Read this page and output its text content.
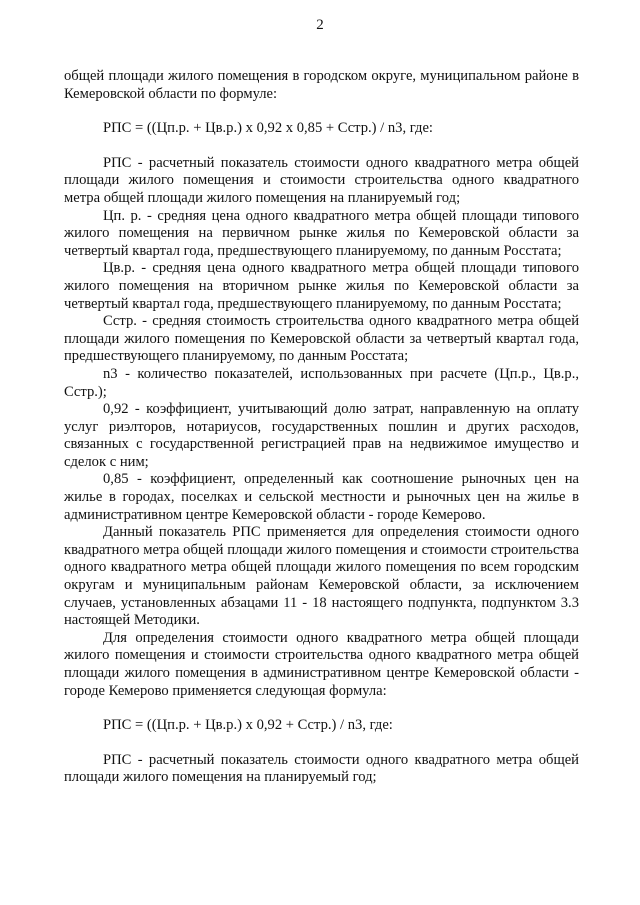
2

общей площади жилого помещения в городском округе, муниципальном районе в Кемеровской области по формуле:

РПС = ((Цп.р. + Цв.р.) х 0,92 х 0,85 + Сстр.) / n3, где:

РПС - расчетный показатель стоимости одного квадратного метра общей площади жилого помещения и стоимости строительства одного квадратного метра общей площади жилого помещения на планируемый год;

Цп. р. - средняя цена одного квадратного метра общей площади типового жилого помещения на первичном рынке жилья по Кемеровской области за четвертый квартал года, предшествующего планируемому, по данным Росстата;

Цв.р. - средняя цена одного квадратного метра общей площади типового жилого помещения на вторичном рынке жилья по Кемеровской области за четвертый квартал года, предшествующего планируемому, по данным Росстата;

Сстр. - средняя стоимость строительства одного квадратного метра общей площади жилого помещения по Кемеровской области за четвертый квартал года, предшествующего планируемому, по данным Росстата;

n3 - количество показателей, использованных при расчете (Цп.р., Цв.р., Сстр.);

0,92 - коэффициент, учитывающий долю затрат, направленную на оплату услуг риэлторов, нотариусов, государственных пошлин и других расходов, связанных с государственной регистрацией прав на недвижимое имущество и сделок с ним;

0,85 - коэффициент, определенный как соотношение рыночных цен на жилье в городах, поселках и сельской местности и рыночных цен на жилье в административном центре Кемеровской области - городе Кемерово.

Данный показатель РПС применяется для определения стоимости одного квадратного метра общей площади жилого помещения и стоимости строительства одного квадратного метра общей площади жилого помещения по всем городским округам и муниципальным районам Кемеровской области, за исключением случаев, установленных абзацами 11 - 18 настоящего подпункта, подпунктом 3.3 настоящей Методики.

Для определения стоимости одного квадратного метра общей площади жилого помещения и стоимости строительства одного квадратного метра общей площади жилого помещения в административном центре Кемеровской области - городе Кемерово применяется следующая формула:

РПС = ((Цп.р. + Цв.р.) х 0,92 + Сстр.) / n3, где:

РПС - расчетный показатель стоимости одного квадратного метра общей площади жилого помещения на планируемый год;
